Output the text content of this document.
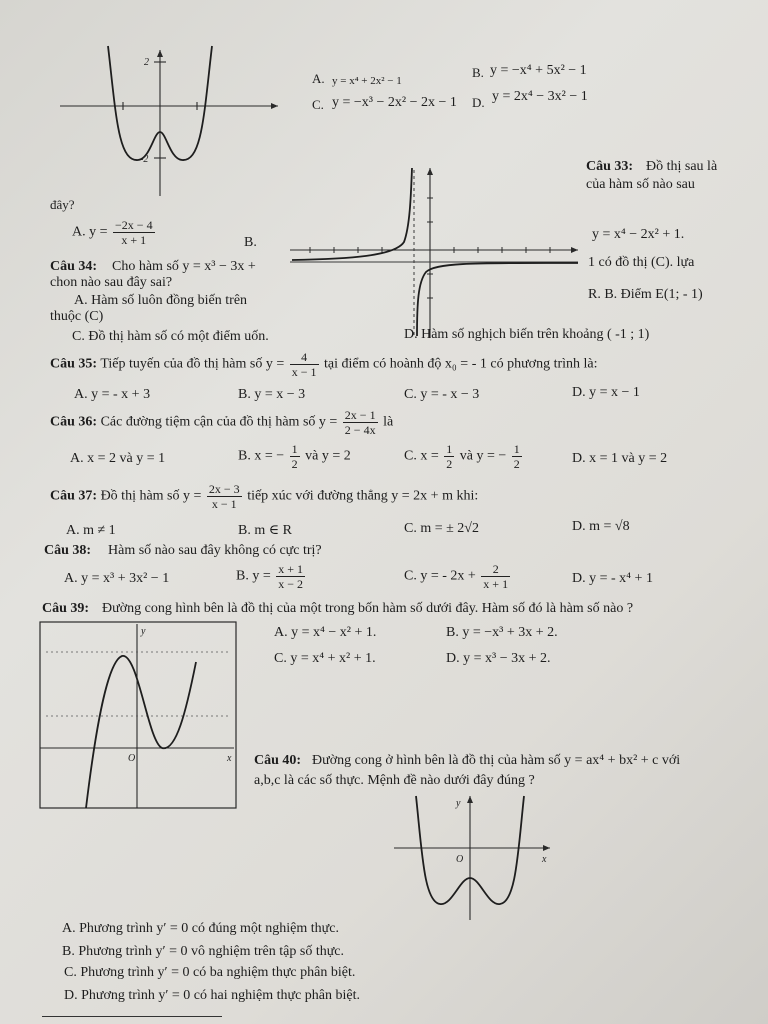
2
-2
A. y = x⁴ + 2x² − 1
B. y = −x⁴ + 5x² − 1
C. y = −x³ − 2x² − 2x − 1 D. y = 2x⁴ − 3x² − 1
Câu 33: Đồ thị sau là
của hàm số nào sau
đây?
A. $y = \frac{-2x - 4}{x + 1}$	B.
y = x⁴ − 2x² + 1.
Câu 34: Cho hàm số y = x³ − 3x +	1 có đồ thị (C). lựa
chon nào sau đây sai?
A. Hàm số luôn đồng biến trên	R. B. Điểm E(1; - 1)
thuộc (C)
C. Đồ thị hàm số có một điểm uốn.	D. Hàm số nghịch biến trên khoảng ( -1 ; 1)
Câu 35: Tiếp tuyến của đồ thị hàm số $y = \frac{4}{x - 1}$ tại điểm có hoành độ x₀ = - 1 có phương trình là:
A. y = - x + 3	B. y = x − 3	C. y = - x − 3	D. y = x − 1
Câu 36: Các đường tiệm cận của đồ thị hàm số $y = \frac{2x - 1}{2 - 4x}$ là
A. x = 2 và y = 1	B. x = − $\frac{1}{2}$ và y = 2	C. $x = \frac{1}{2}$ và y = − $\frac{1}{2}$	D. x = 1 và y = 2
Câu 37: Đồ thị hàm số $y = \frac{2x - 3}{x - 1}$ tiếp xúc với đường thẳng y = 2x + m khi:
A. m ≠ 1	B. m ∈ R	C. m = ± 2√2	D. m = √8
Câu 38: Hàm số nào sau đây không có cực trị?
A. y = x³ + 3x² − 1	B. $y = \frac{x + 1}{x - 2}$	C. y = - $2x + \frac{2}{x + 1}$	D. y = - x⁴ + 1
Câu 39: Đường cong hình bên là đồ thị của một trong bốn hàm số dưới đây. Hàm số đó là hàm số nào ?
y
x
O
A. y = x⁴ − x² + 1.	B. y = −x³ + 3x + 2.
C. y = x⁴ + x² + 1.	D. y = x³ − 3x + 2.
Câu 40: Đường cong ở hình bên là đồ thị của hàm số y = ax⁴ + bx² + c với
a,b,c là các số thực. Mệnh đề nào dưới đây đúng ?
y
x
O
A. Phương trình y′ = 0 có đúng một nghiệm thực.
B. Phương trình y′ = 0 vô nghiệm trên tập số thực.
C. Phương trình y′ = 0 có ba nghiệm thực phân biệt.
D. Phương trình y′ = 0 có hai nghiệm thực phân biệt.
